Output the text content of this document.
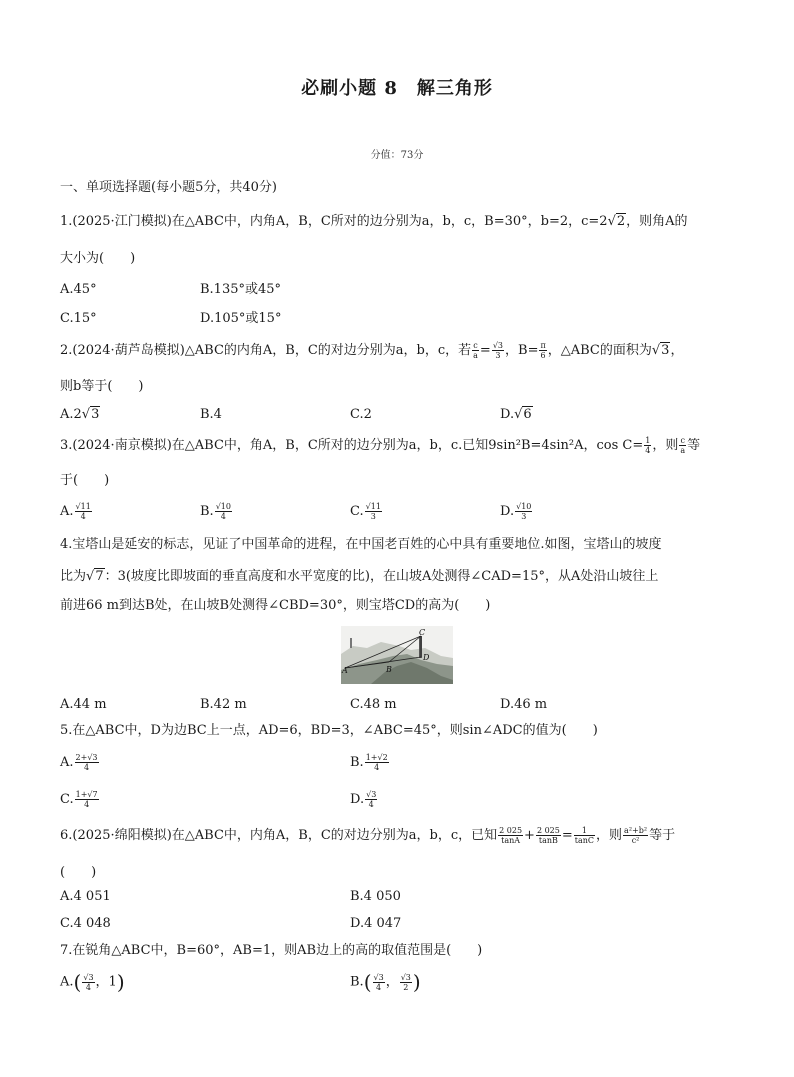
必刷小题 8　解三角形
分值：73分
一、单项选择题(每小题5分，共40分)
1.(2025·江门模拟)在△ABC中，内角A，B，C所对的边分别为a，b，c，B=30°，b=2，c=2√2，则角A的
大小为(　　)
A.45°	B.135°或45°
C.15°	D.105°或15°
2.(2024·葫芦岛模拟)△ABC的内角A，B，C的对边分别为a，b，c，若 $\frac{c}{a} = \frac{√3}{3}$ ，$B= \frac{\pi}{6}$ ，△ABC的面积为√3，
则b等于(　　)
A.2√3	B.4	C.2	D.√6
3.(2024·南京模拟)在△ABC中，角A，B，C所对的边分别为a，b，c.已知9sin²B=4sin²A，$\cos C= \frac{1}{4}$ ，则 $\frac{c}{a}$ 等
于(　　)
A. $\frac{√11}{4}$	B. $\frac{√10}{4}$	C. $\frac{√11}{3}$	D. $\frac{√10}{3}$
4.宝塔山是延安的标志，见证了中国革命的进程，在中国老百姓的心中具有重要地位.如图，宝塔山的坡度
比为√7：3(坡度比即坡面的垂直高度和水平宽度的比)，在山坡A处测得∠CAD=15°，从A处沿山坡往上
前进66 m到达B处，在山坡B处测得∠CBD=30°，则宝塔CD的高为(　　)
A	B
C
D
A.44 m	B.42 m	C.48 m	D.46 m
5.在△ABC中，D为边BC上一点，AD=6，BD=3，∠ABC=45°，则sin∠ADC的值为(　　)
A. $\frac{2+√3}{4}$	B. $\frac{1+√2}{4}$
C. $\frac{1+√7}{4}$	D. $\frac{√3}{4}$
6.(2025·绵阳模拟)在△ABC中，内角A，B，C的对边分别为a，b，c，已知 $\frac{2 025}{\tan A} + \frac{2 025}{\tan B} = \frac{1}{\tan C}$ ，则 $\frac{\text{a²+b²}}{\text{c²}}$ 等于
(　　)
A.4 051	B.4 050
C.4 048	D.4 047
7.在锐角△ABC中，B=60°，AB=1，则AB边上的高的取值范围是(　　)
$A.( \frac{√3}{4}$ ，1)	$B.( \frac{√3}{4}$ ， $\frac{√3}{2}$ )
